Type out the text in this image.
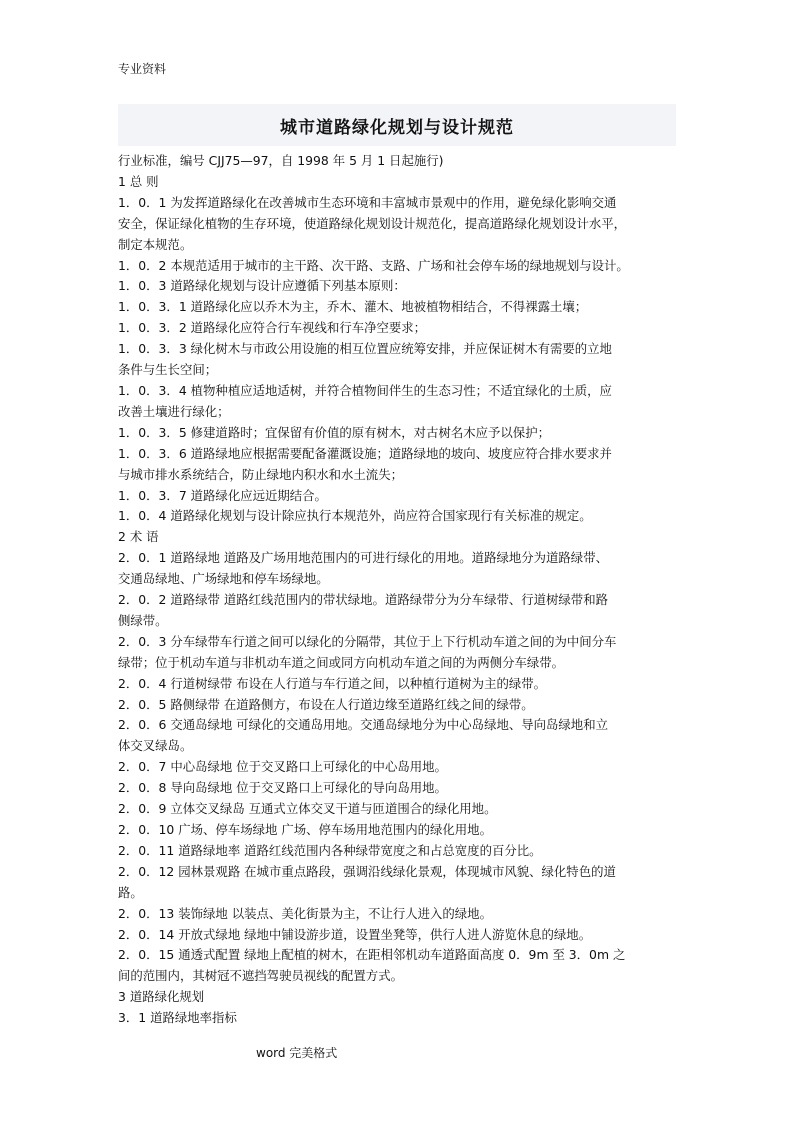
专业资料
城市道路绿化规划与设计规范
行业标准，编号 CJJ75—97，自 1998 年 5 月 1 日起施行)
1 总 则
1．0．1 为发挥道路绿化在改善城市生态环境和丰富城市景观中的作用，避免绿化影响交通
安全，保证绿化植物的生存环境，使道路绿化规划设计规范化，提高道路绿化规划设计水平，
制定本规范。
1．0．2 本规范适用于城市的主干路、次干路、支路、广场和社会停车场的绿地规划与设计。
1．0．3 道路绿化规划与设计应遵循下列基本原则：
1．0．3．1 道路绿化应以乔木为主，乔木、灌木、地被植物相结合，不得裸露土壤；
1．0．3．2 道路绿化应符合行车视线和行车净空要求；
1．0．3．3 绿化树木与市政公用设施的相互位置应统筹安排，并应保证树木有需要的立地
条件与生长空间；
1．0．3．4 植物种植应适地适树，并符合植物间伴生的生态习性；不适宜绿化的土质，应
改善土壤进行绿化；
1．0．3．5 修建道路时；宜保留有价值的原有树木，对古树名木应予以保护；
1．0．3．6 道路绿地应根据需要配备灌溉设施；道路绿地的坡向、坡度应符合排水要求并
与城市排水系统结合，防止绿地内积水和水土流失；
1．0．3．7 道路绿化应远近期结合。
1．0．4 道路绿化规划与设计除应执行本规范外，尚应符合国家现行有关标准的规定。
2 术 语
2．0．1 道路绿地 道路及广场用地范围内的可进行绿化的用地。道路绿地分为道路绿带、
交通岛绿地、广场绿地和停车场绿地。
2．0．2 道路绿带 道路红线范围内的带状绿地。道路绿带分为分车绿带、行道树绿带和路
侧绿带。
2．0．3 分车绿带车行道之间可以绿化的分隔带，其位于上下行机动车道之间的为中间分车
绿带；位于机动车道与非机动车道之间或同方向机动车道之间的为两侧分车绿带。
2．0．4 行道树绿带 布设在人行道与车行道之间，以种植行道树为主的绿带。
2．0．5 路侧绿带 在道路侧方，布设在人行道边缘至道路红线之间的绿带。
2．0．6 交通岛绿地 可绿化的交通岛用地。交通岛绿地分为中心岛绿地、导向岛绿地和立
体交叉绿岛。
2．0．7 中心岛绿地 位于交叉路口上可绿化的中心岛用地。
2．0．8 导向岛绿地 位于交叉路口上可绿化的导向岛用地。
2．0．9 立体交叉绿岛 互通式立体交叉干道与匝道围合的绿化用地。
2．0．10 广场、停车场绿地 广场、停车场用地范围内的绿化用地。
2．0．11 道路绿地率 道路红线范围内各种绿带宽度之和占总宽度的百分比。
2．0．12 园林景观路 在城市重点路段，强调沿线绿化景观，体现城市风貌、绿化特色的道
路。
2．0．13 装饰绿地 以装点、美化街景为主，不让行人进入的绿地。
2．0．14 开放式绿地 绿地中铺设游步道，设置坐凳等，供行人进人游览休息的绿地。
2．0．15 通透式配置 绿地上配植的树木，在距相邻机动车道路面高度 0．9m 至 3．0m 之
间的范围内，其树冠不遮挡驾驶员视线的配置方式。
3 道路绿化规划
3．1 道路绿地率指标
word 完美格式
